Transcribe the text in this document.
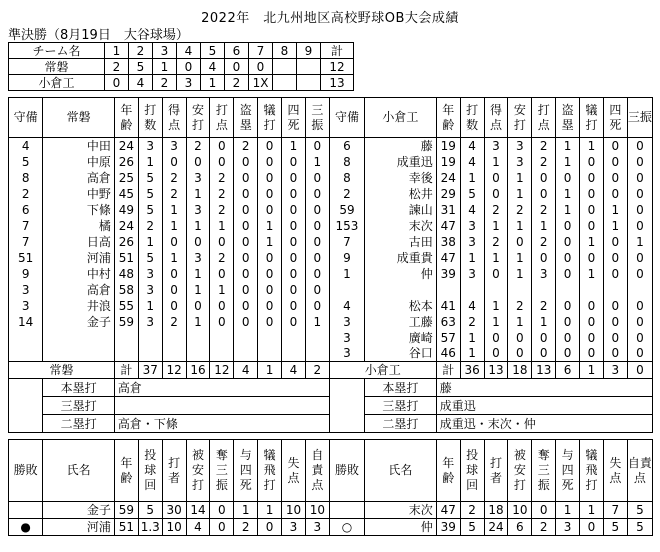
2022年　北九州地区高校野球OB大会成績
準決勝（8月19日　大谷球場）
チーム名	1	2	3	4	5	6	7	8	9	計
常磐	2	5	1	0	4	0	0			12
小倉工	0	4	2	3	1	2	1X			13
守備	常磐	年齢	打数	得点	安打	打点	盗塁	犠打	四死	三振	守備	小倉工	年齢	打数	得点	安打	打点	盗塁	犠打	四死	三振
4	中田	24	3	3	2	0	2	0	1	0	6	藤	19	4	3	3	2	1	1	0	0
5	中原	26	1	0	0	0	0	0	0	1	8	成重迅	19	4	1	3	2	1	0	0	0
8	高倉	25	5	2	3	2	0	0	0	0	8	幸後	24	1	0	1	0	0	0	0	0
2	中野	45	5	2	1	2	0	0	0	0	2	松井	29	5	0	1	0	1	0	0	0
6	下條	49	5	1	3	2	0	0	0	0	59	諫山	31	4	2	2	2	1	0	1	0
7	橘	24	2	1	1	1	0	1	0	0	153	末次	47	3	1	1	1	0	0	1	0
7	日高	26	1	0	0	0	0	1	0	0	7	古田	38	3	2	0	2	0	1	0	1
51	河浦	51	5	1	3	2	0	0	0	0	9	成重貴	47	1	1	1	0	0	0	0	0
9	中村	48	3	0	1	0	0	0	0	0	1	仲	39	3	0	1	3	0	1	0	0
3	高倉	58	3	0	1	1	0	0	0	0											
3	井浪	55	1	0	0	0	0	0	0	0	4	松本	41	4	1	2	2	0	0	0	0
14	金子	59	3	2	1	0	0	0	0	1	3	工藤	63	2	1	1	1	0	0	0	0
											3	廣崎	57	1	0	0	0	0	0	0	0
											3	谷口	46	1	0	0	0	0	0	0	0
常磐		計	37	12	16	12	4	1	4	2	小倉工		計	36	13	18	13	6	1	3	0
	本塁打	高倉										本塁打	藤								
	三塁打											三塁打	成重迅								
	二塁打	高倉・下條										二塁打	成重迅・末次・仲								
勝敗	氏名	年齢	投球回	打者	被安打	奪三振	与四死	犠飛打	失点	自責点	勝敗	氏名	年齢	投球回	打者	被安打	奪三振	与四死	犠飛打	失点	自責点
	金子	59	5	30	14	0	1	1	10	10		末次	47	2	18	10	0	1	1	7	5
●	河浦	51	1.3	10	4	0	2	0	3	3	○	仲	39	5	24	6	2	3	0	5	5
